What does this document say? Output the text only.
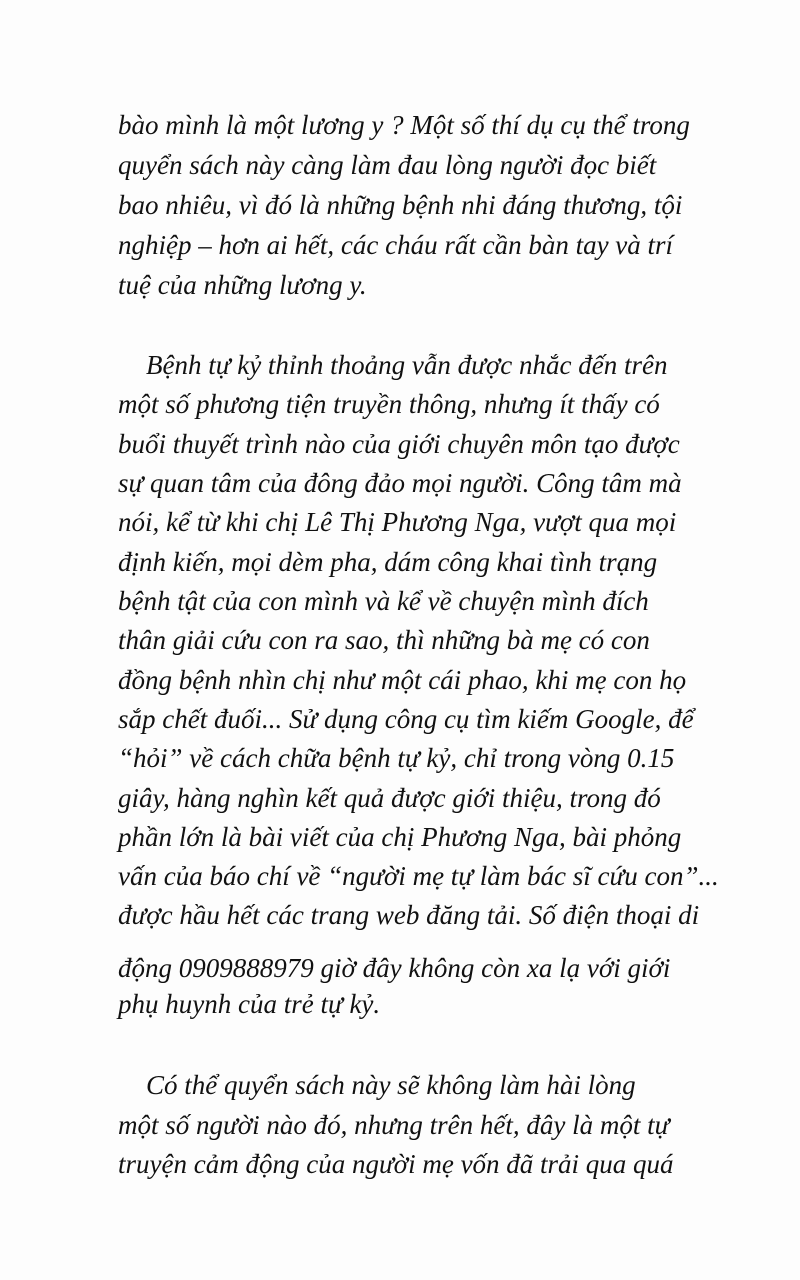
bào mình là một lương y ? Một số thí dụ cụ thể trong
quyển sách này càng làm đau lòng người đọc biết
bao nhiêu, vì đó là những bệnh nhi đáng thương, tội
nghiệp – hơn ai hết, các cháu rất cần bàn tay và trí
tuệ của những lương y.
Bệnh tự kỷ thỉnh thoảng vẫn được nhắc đến trên
một số phương tiện truyền thông, nhưng ít thấy có
buổi thuyết trình nào của giới chuyên môn tạo được
sự quan tâm của đông đảo mọi người. Công tâm mà
nói, kể từ khi chị Lê Thị Phương Nga, vượt qua mọi
định kiến, mọi dèm pha, dám công khai tình trạng
bệnh tật của con mình và kể về chuyện mình đích
thân giải cứu con ra sao, thì những bà mẹ có con
đồng bệnh nhìn chị như một cái phao, khi mẹ con họ
sắp chết đuối... Sử dụng công cụ tìm kiếm Google, để
“hỏi” về cách chữa bệnh tự kỷ, chỉ trong vòng 0.15
giây, hàng nghìn kết quả được giới thiệu, trong đó
phần lớn là bài viết của chị Phương Nga, bài phỏng
vấn của báo chí về “người mẹ tự làm bác sĩ cứu con”...
được hầu hết các trang web đăng tải. Số điện thoại di
động 0909888979 giờ đây không còn xa lạ với giới
phụ huynh của trẻ tự kỷ.
Có thể quyển sách này sẽ không làm hài lòng
một số người nào đó, nhưng trên hết, đây là một tự
truyện cảm động của người mẹ vốn đã trải qua quá
